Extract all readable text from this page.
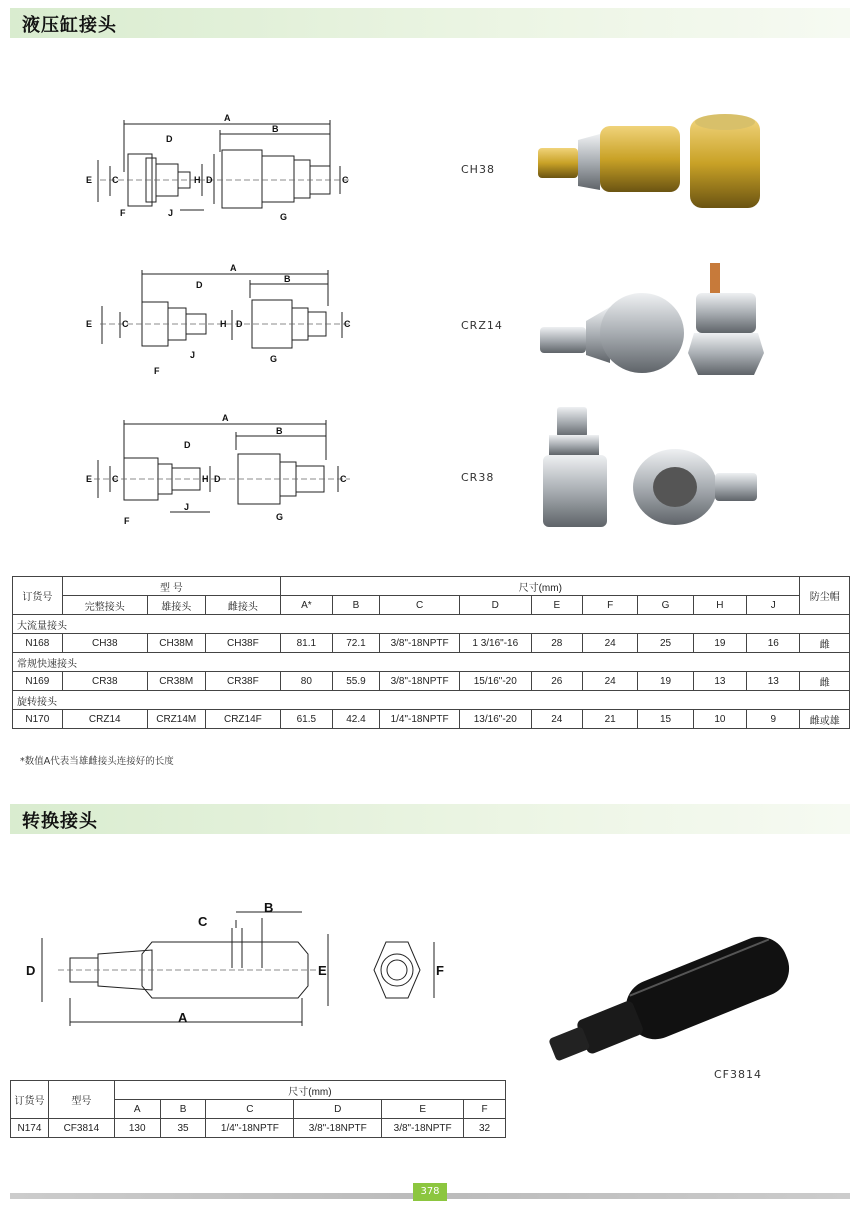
液压缸接头
A
B
D
E C	H D	C
F	J	G
CH38
A
B
D
E	C	H D	C
F
J	G
CRZ14
A
B
D
E C	H D	C
F
J
G
CR38
订货号	型 号			尺寸(mm)									防尘帽
	完整接头	雄接头	雌接头	A*	B	C	D	E	F	G	H	J	
大流量接头													
N168	CH38	CH38M	CH38F	81.1	72.1	3/8"-18NPTF	1 3/16"-16	28	24	25	19	16	雌
常规快速接头													
N169	CR38	CR38M	CR38F	80	55.9	3/8"-18NPTF	15/16"-20	26	24	19	13	13	雌
旋转接头													
N170	CRZ14	CRZ14M	CRZ14F	61.5	42.4	1/4"-18NPTF	13/16"-20	24	21	15	10	9	雌或雄
*数值A代表当雄雌接头连接好的长度
转换接头
C
B
D	E	F
A
CF3814
订货号	型号	尺寸(mm)					
		A	B	C	D	E	F
N174	CF3814	130	35	1/4"-18NPTF	3/8"-18NPTF	3/8"-18NPTF	32
378
